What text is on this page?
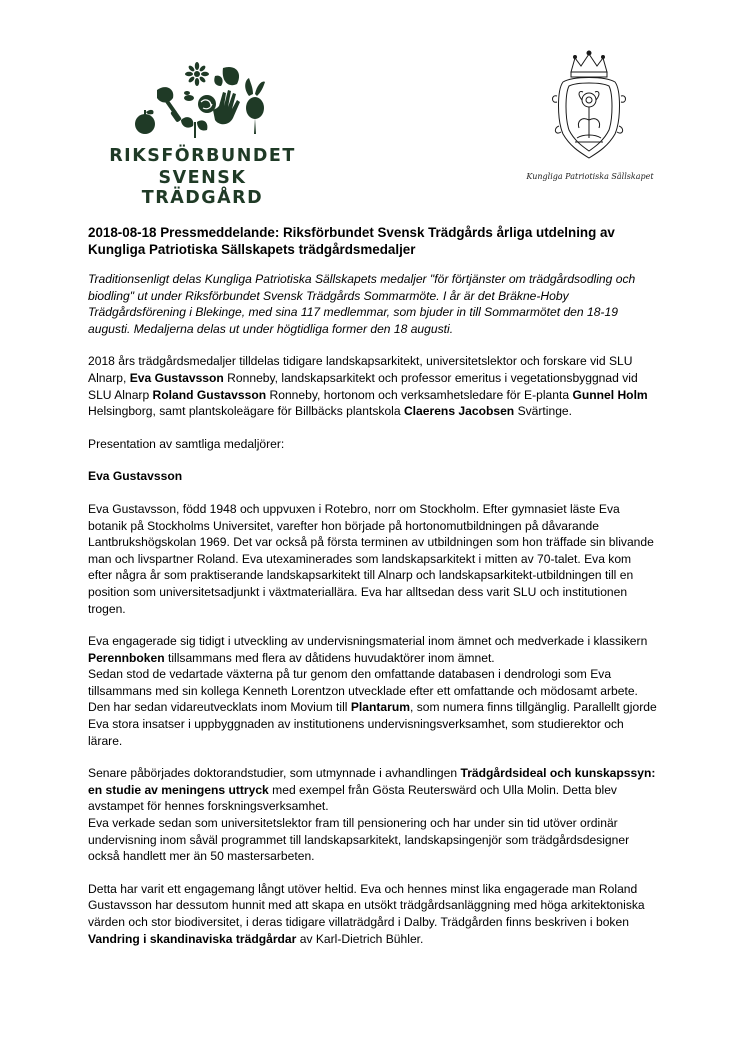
RIKSFÖRBUNDET
SVENSK TRÄDGÅRD
Kungliga Patriotiska Sällskapet
2018-08-18 Pressmeddelande: Riksförbundet Svensk Trädgårds årliga utdelning av Kungliga Patriotiska Sällskapets trädgårdsmedaljer

Traditionsenligt delas Kungliga Patriotiska Sällskapets medaljer "för förtjänster om trädgårdsodling och biodling" ut under Riksförbundet Svensk Trädgårds Sommarmöte. I år är det Bräkne-Hoby Trädgårdsförening i Blekinge, med sina 117 medlemmar, som bjuder in till Sommarmötet den 18-19 augusti. Medaljerna delas ut under högtidliga former den 18 augusti.

2018 års trädgårdsmedaljer tilldelas tidigare landskapsarkitekt, universitetslektor och forskare vid SLU Alnarp, Eva Gustavsson Ronneby, landskapsarkitekt och professor emeritus i vegetationsbyggnad vid SLU Alnarp Roland Gustavsson Ronneby, hortonom och verksamhetsledare för E-planta Gunnel Holm Helsingborg, samt plantskoleägare för Billbäcks plantskola Claerens Jacobsen Svärtinge.

Presentation av samtliga medaljörer:

Eva Gustavsson

Eva Gustavsson, född 1948 och uppvuxen i Rotebro, norr om Stockholm. Efter gymnasiet läste Eva botanik på Stockholms Universitet, varefter hon började på hortonomutbildningen på dåvarande Lantbrukshögskolan 1969. Det var också på första terminen av utbildningen som hon träffade sin blivande man och livspartner Roland. Eva utexaminerades som landskapsarkitekt i mitten av 70-talet. Eva kom efter några år som praktiserande landskapsarkitekt till Alnarp och landskapsarkitekt-utbildningen till en position som universitetsadjunkt i växtmateriallära. Eva har alltsedan dess varit SLU och institutionen trogen.

Eva engagerade sig tidigt i utveckling av undervisningsmaterial inom ämnet och medverkade i klassikern Perennboken tillsammans med flera av dåtidens huvudaktörer inom ämnet.

Sedan stod de vedartade växterna på tur genom den omfattande databasen i dendrologi som Eva tillsammans med sin kollega Kenneth Lorentzon utvecklade efter ett omfattande och mödosamt arbete. Den har sedan vidareutvecklats inom Movium till Plantarum, som numera finns tillgänglig. Parallellt gjorde Eva stora insatser i uppbyggnaden av institutionens undervisningsverksamhet, som studierektor och lärare.

Senare påbörjades doktorandstudier, som utmynnade i avhandlingen Trädgårdsideal och kunskapssyn: en studie av meningens uttryck med exempel från Gösta Reuterswärd och Ulla Molin. Detta blev avstampet för hennes forskningsverksamhet.

Eva verkade sedan som universitetslektor fram till pensionering och har under sin tid utöver ordinär undervisning inom såväl programmet till landskapsarkitekt, landskapsingenjör som trädgårdsdesigner också handlett mer än 50 mastersarbeten.

Detta har varit ett engagemang långt utöver heltid. Eva och hennes minst lika engagerade man Roland Gustavsson har dessutom hunnit med att skapa en utsökt trädgårdsanläggning med höga arkitektoniska värden och stor biodiversitet, i deras tidigare villaträdgård i Dalby. Trädgården finns beskriven i boken Vandring i skandinaviska trädgårdar av Karl-Dietrich Bühler.
